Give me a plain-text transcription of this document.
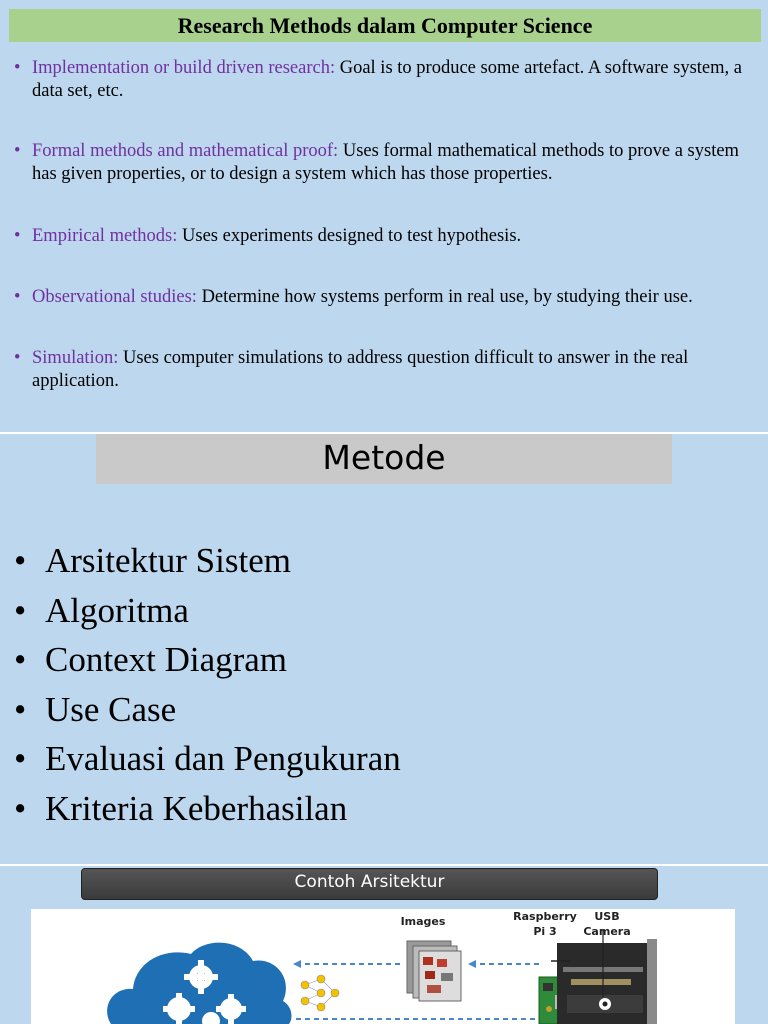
Research Methods dalam Computer Science
• Implementation or build driven research: Goal is to produce some artefact. A software system, a data set, etc.
• Formal methods and mathematical proof: Uses formal mathematical methods to prove a system has given properties, or to design a system which has those properties.
• Empirical methods: Uses experiments designed to test hypothesis.
• Observational studies: Determine how systems perform in real use, by studying their use.
• Simulation: Uses computer simulations to address question difficult to answer in the real application.
Metode
• Arsitektur Sistem
• Algoritma
• Context Diagram
• Use Case
• Evaluasi dan Pengukuran
• Kriteria Keberhasilan
Contoh Arsitektur
Images	Raspberry
Pi 3
USB
Camera
